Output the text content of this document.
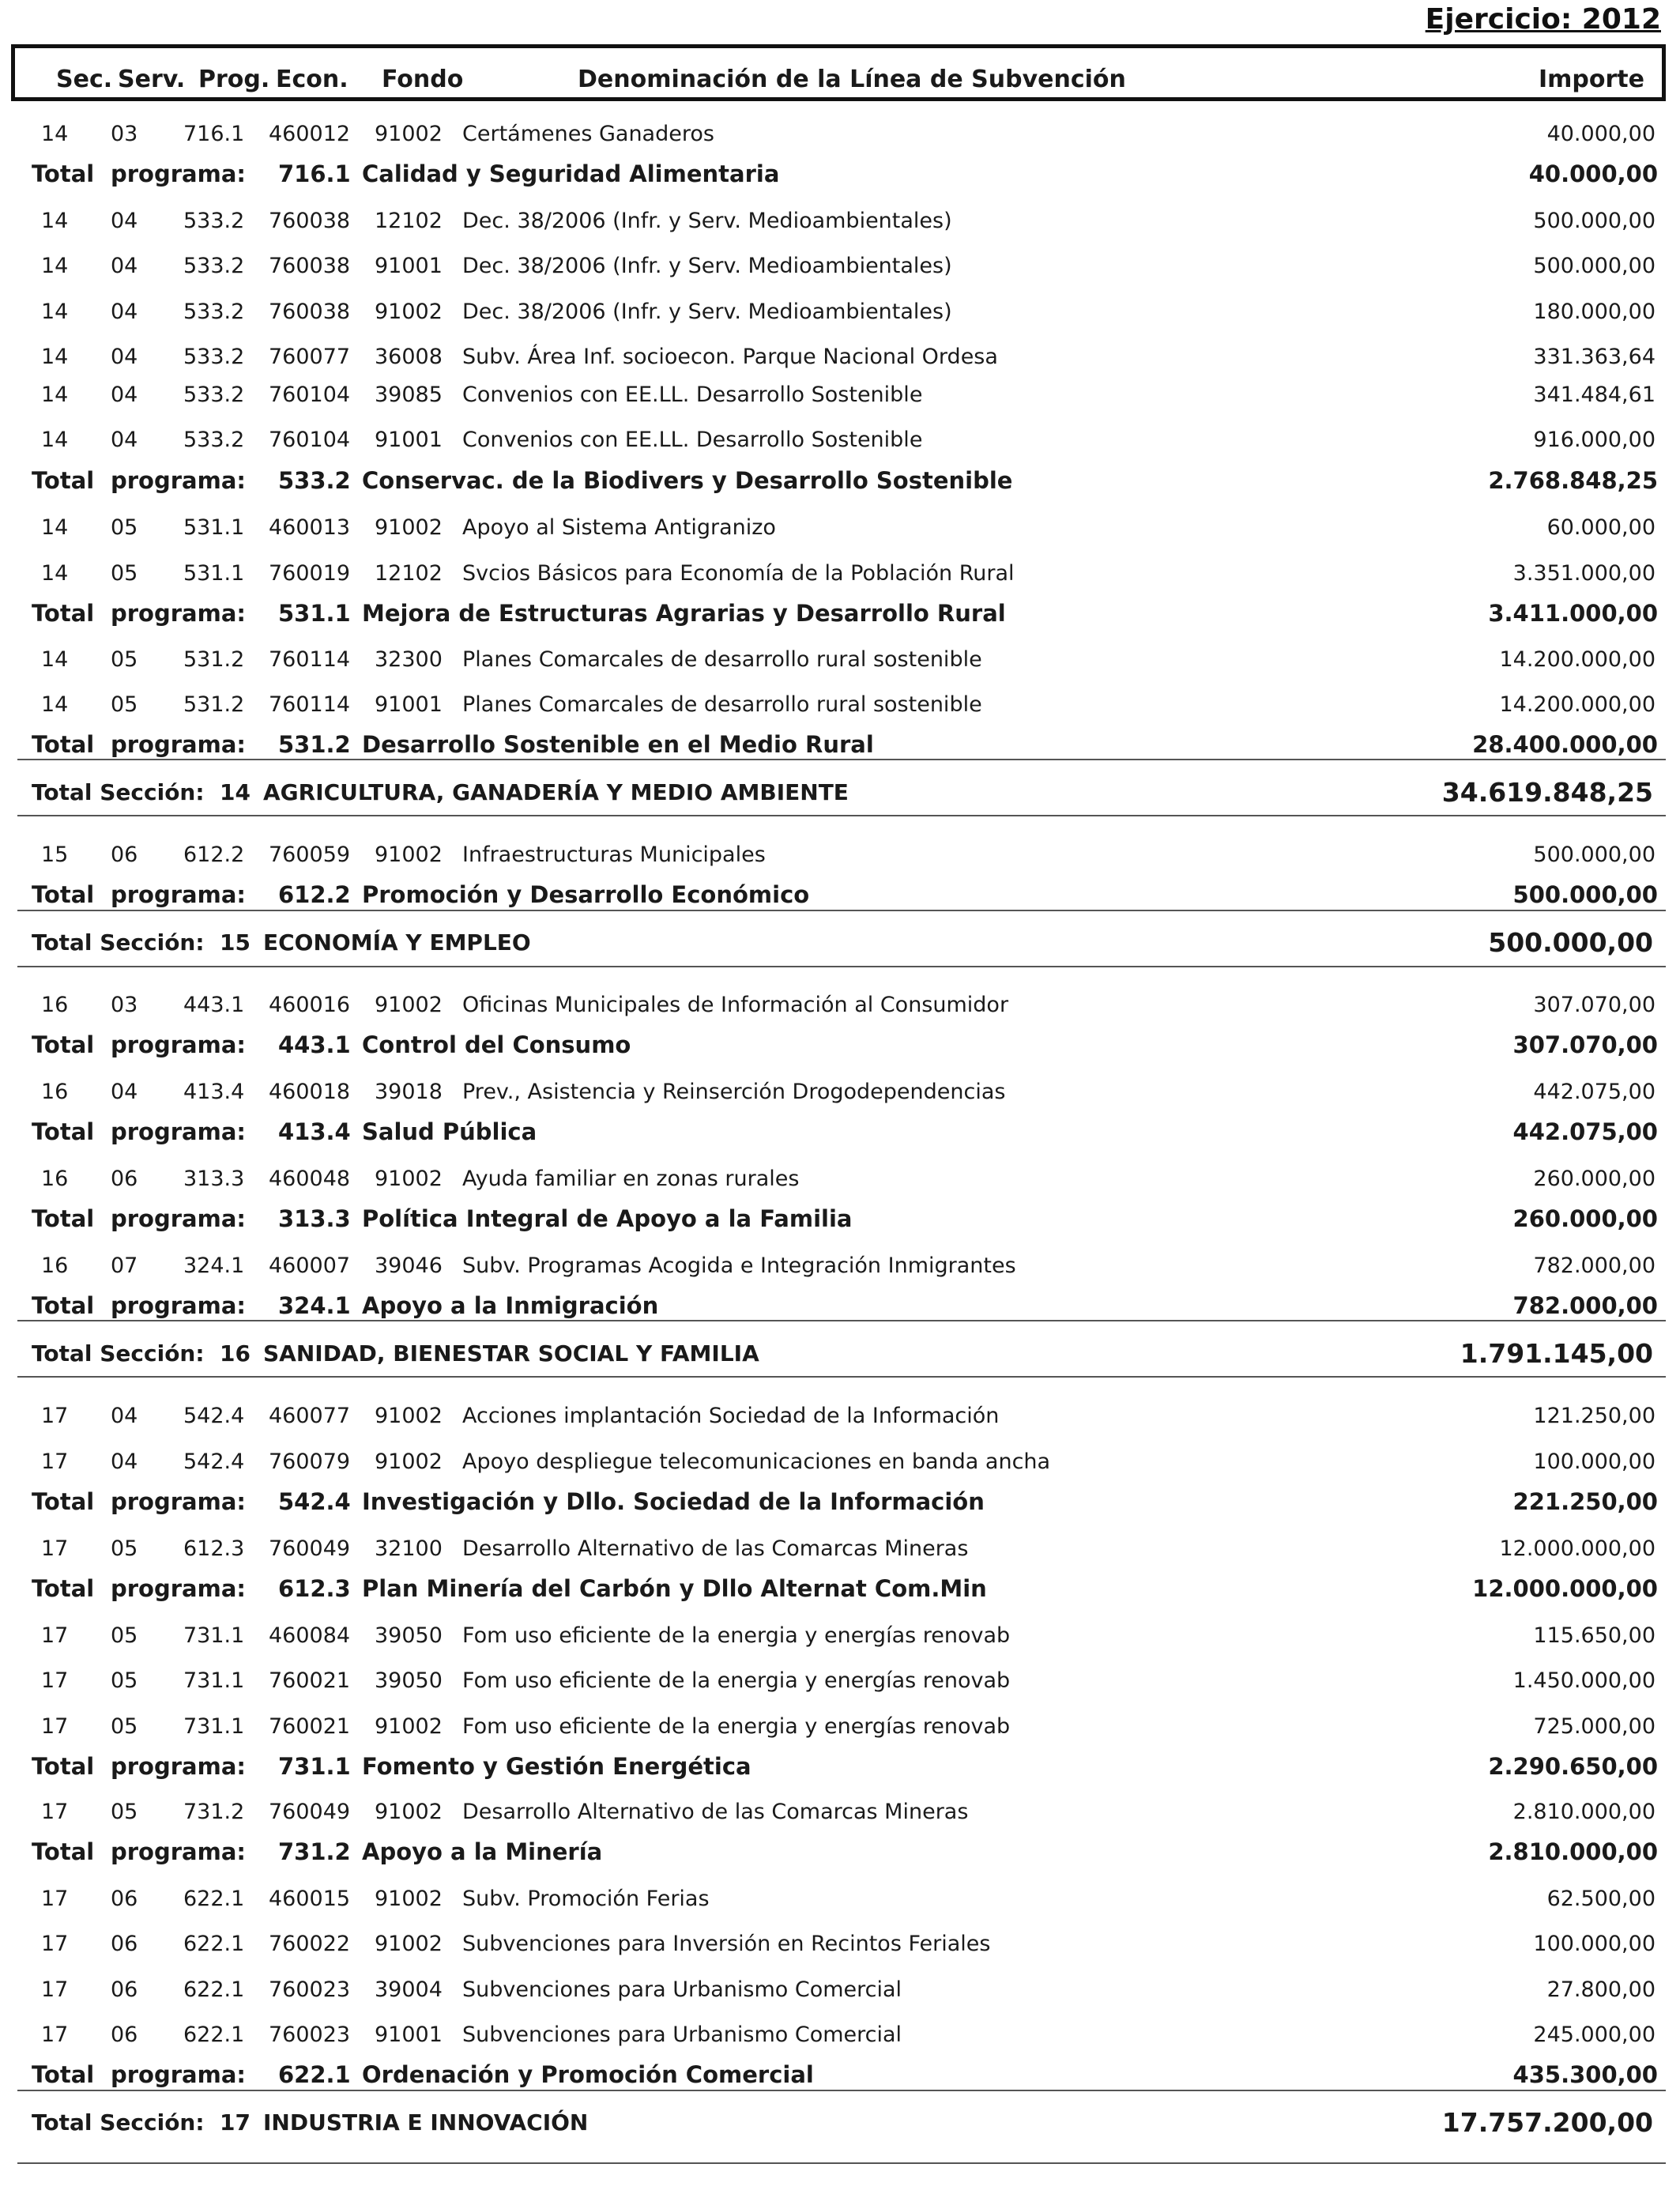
Ejercicio: 2012
Sec. Serv. Prog. Econ. Fondo	Denominación de la Línea de Subvención	Importe
14 03 716.1 460012 91002 Certámenes Ganaderos	40.000,00
Total programa: 716.1 Calidad y Seguridad Alimentaria	40.000,00
14 04 533.2 760038 12102 Dec. 38/2006 (Infr. y Serv. Medioambientales)	500.000,00
14 04 533.2 760038 91001 Dec. 38/2006 (Infr. y Serv. Medioambientales)	500.000,00
14 04 533.2 760038 91002 Dec. 38/2006 (Infr. y Serv. Medioambientales)	180.000,00
14 04 533.2 760077 36008 Subv. Área Inf. socioecon. Parque Nacional Ordesa	331.363,64
14 04 533.2 760104 39085 Convenios con EE.LL. Desarrollo Sostenible	341.484,61
14 04 533.2 760104 91001 Convenios con EE.LL. Desarrollo Sostenible	916.000,00
Total programa: 533.2 Conservac. de la Biodivers y Desarrollo Sostenible	2.768.848,25
14 05 531.1 460013 91002 Apoyo al Sistema Antigranizo	60.000,00
14 05 531.1 760019 12102 Svcios Básicos para Economía de la Población Rural	3.351.000,00
Total programa: 531.1 Mejora de Estructuras Agrarias y Desarrollo Rural	3.411.000,00
14 05 531.2 760114 32300 Planes Comarcales de desarrollo rural sostenible	14.200.000,00
14 05 531.2 760114 91001 Planes Comarcales de desarrollo rural sostenible	14.200.000,00
Total programa: 531.2 Desarrollo Sostenible en el Medio Rural	28.400.000,00
Total Sección: 14 AGRICULTURA, GANADERÍA Y MEDIO AMBIENTE	34.619.848,25
15 06 612.2 760059 91002 Infraestructuras Municipales	500.000,00
Total programa: 612.2 Promoción y Desarrollo Económico	500.000,00
Total Sección: 15 ECONOMÍA Y EMPLEO	500.000,00
16 03 443.1 460016 91002 Oficinas Municipales de Información al Consumidor	307.070,00
Total programa: 443.1 Control del Consumo	307.070,00
16 04 413.4 460018 39018 Prev., Asistencia y Reinserción Drogodependencias	442.075,00
Total programa: 413.4 Salud Pública	442.075,00
16 06 313.3 460048 91002 Ayuda familiar en zonas rurales	260.000,00
Total programa: 313.3 Política Integral de Apoyo a la Familia	260.000,00
16 07 324.1 460007 39046 Subv. Programas Acogida e Integración Inmigrantes	782.000,00
Total programa: 324.1 Apoyo a la Inmigración	782.000,00
Total Sección: 16 SANIDAD, BIENESTAR SOCIAL Y FAMILIA	1.791.145,00
17 04 542.4 460077 91002 Acciones implantación Sociedad de la Información	121.250,00
17 04 542.4 760079 91002 Apoyo despliegue telecomunicaciones en banda ancha	100.000,00
Total programa: 542.4 Investigación y Dllo. Sociedad de la Información	221.250,00
17 05 612.3 760049 32100 Desarrollo Alternativo de las Comarcas Mineras	12.000.000,00
Total programa: 612.3 Plan Minería del Carbón y Dllo Alternat Com.Min	12.000.000,00
17 05 731.1 460084 39050 Fom uso eficiente de la energia y energías renovab	115.650,00
17 05 731.1 760021 39050 Fom uso eficiente de la energia y energías renovab	1.450.000,00
17 05 731.1 760021 91002 Fom uso eficiente de la energia y energías renovab	725.000,00
Total programa: 731.1 Fomento y Gestión Energética	2.290.650,00
17 05 731.2 760049 91002 Desarrollo Alternativo de las Comarcas Mineras	2.810.000,00
Total programa: 731.2 Apoyo a la Minería	2.810.000,00
17 06 622.1 460015 91002 Subv. Promoción Ferias	62.500,00
17 06 622.1 760022 91002 Subvenciones para Inversión en Recintos Feriales	100.000,00
17 06 622.1 760023 39004 Subvenciones para Urbanismo Comercial	27.800,00
17 06 622.1 760023 91001 Subvenciones para Urbanismo Comercial	245.000,00
Total programa: 622.1 Ordenación y Promoción Comercial	435.300,00
Total Sección: 17 INDUSTRIA E INNOVACIÓN	17.757.200,00
